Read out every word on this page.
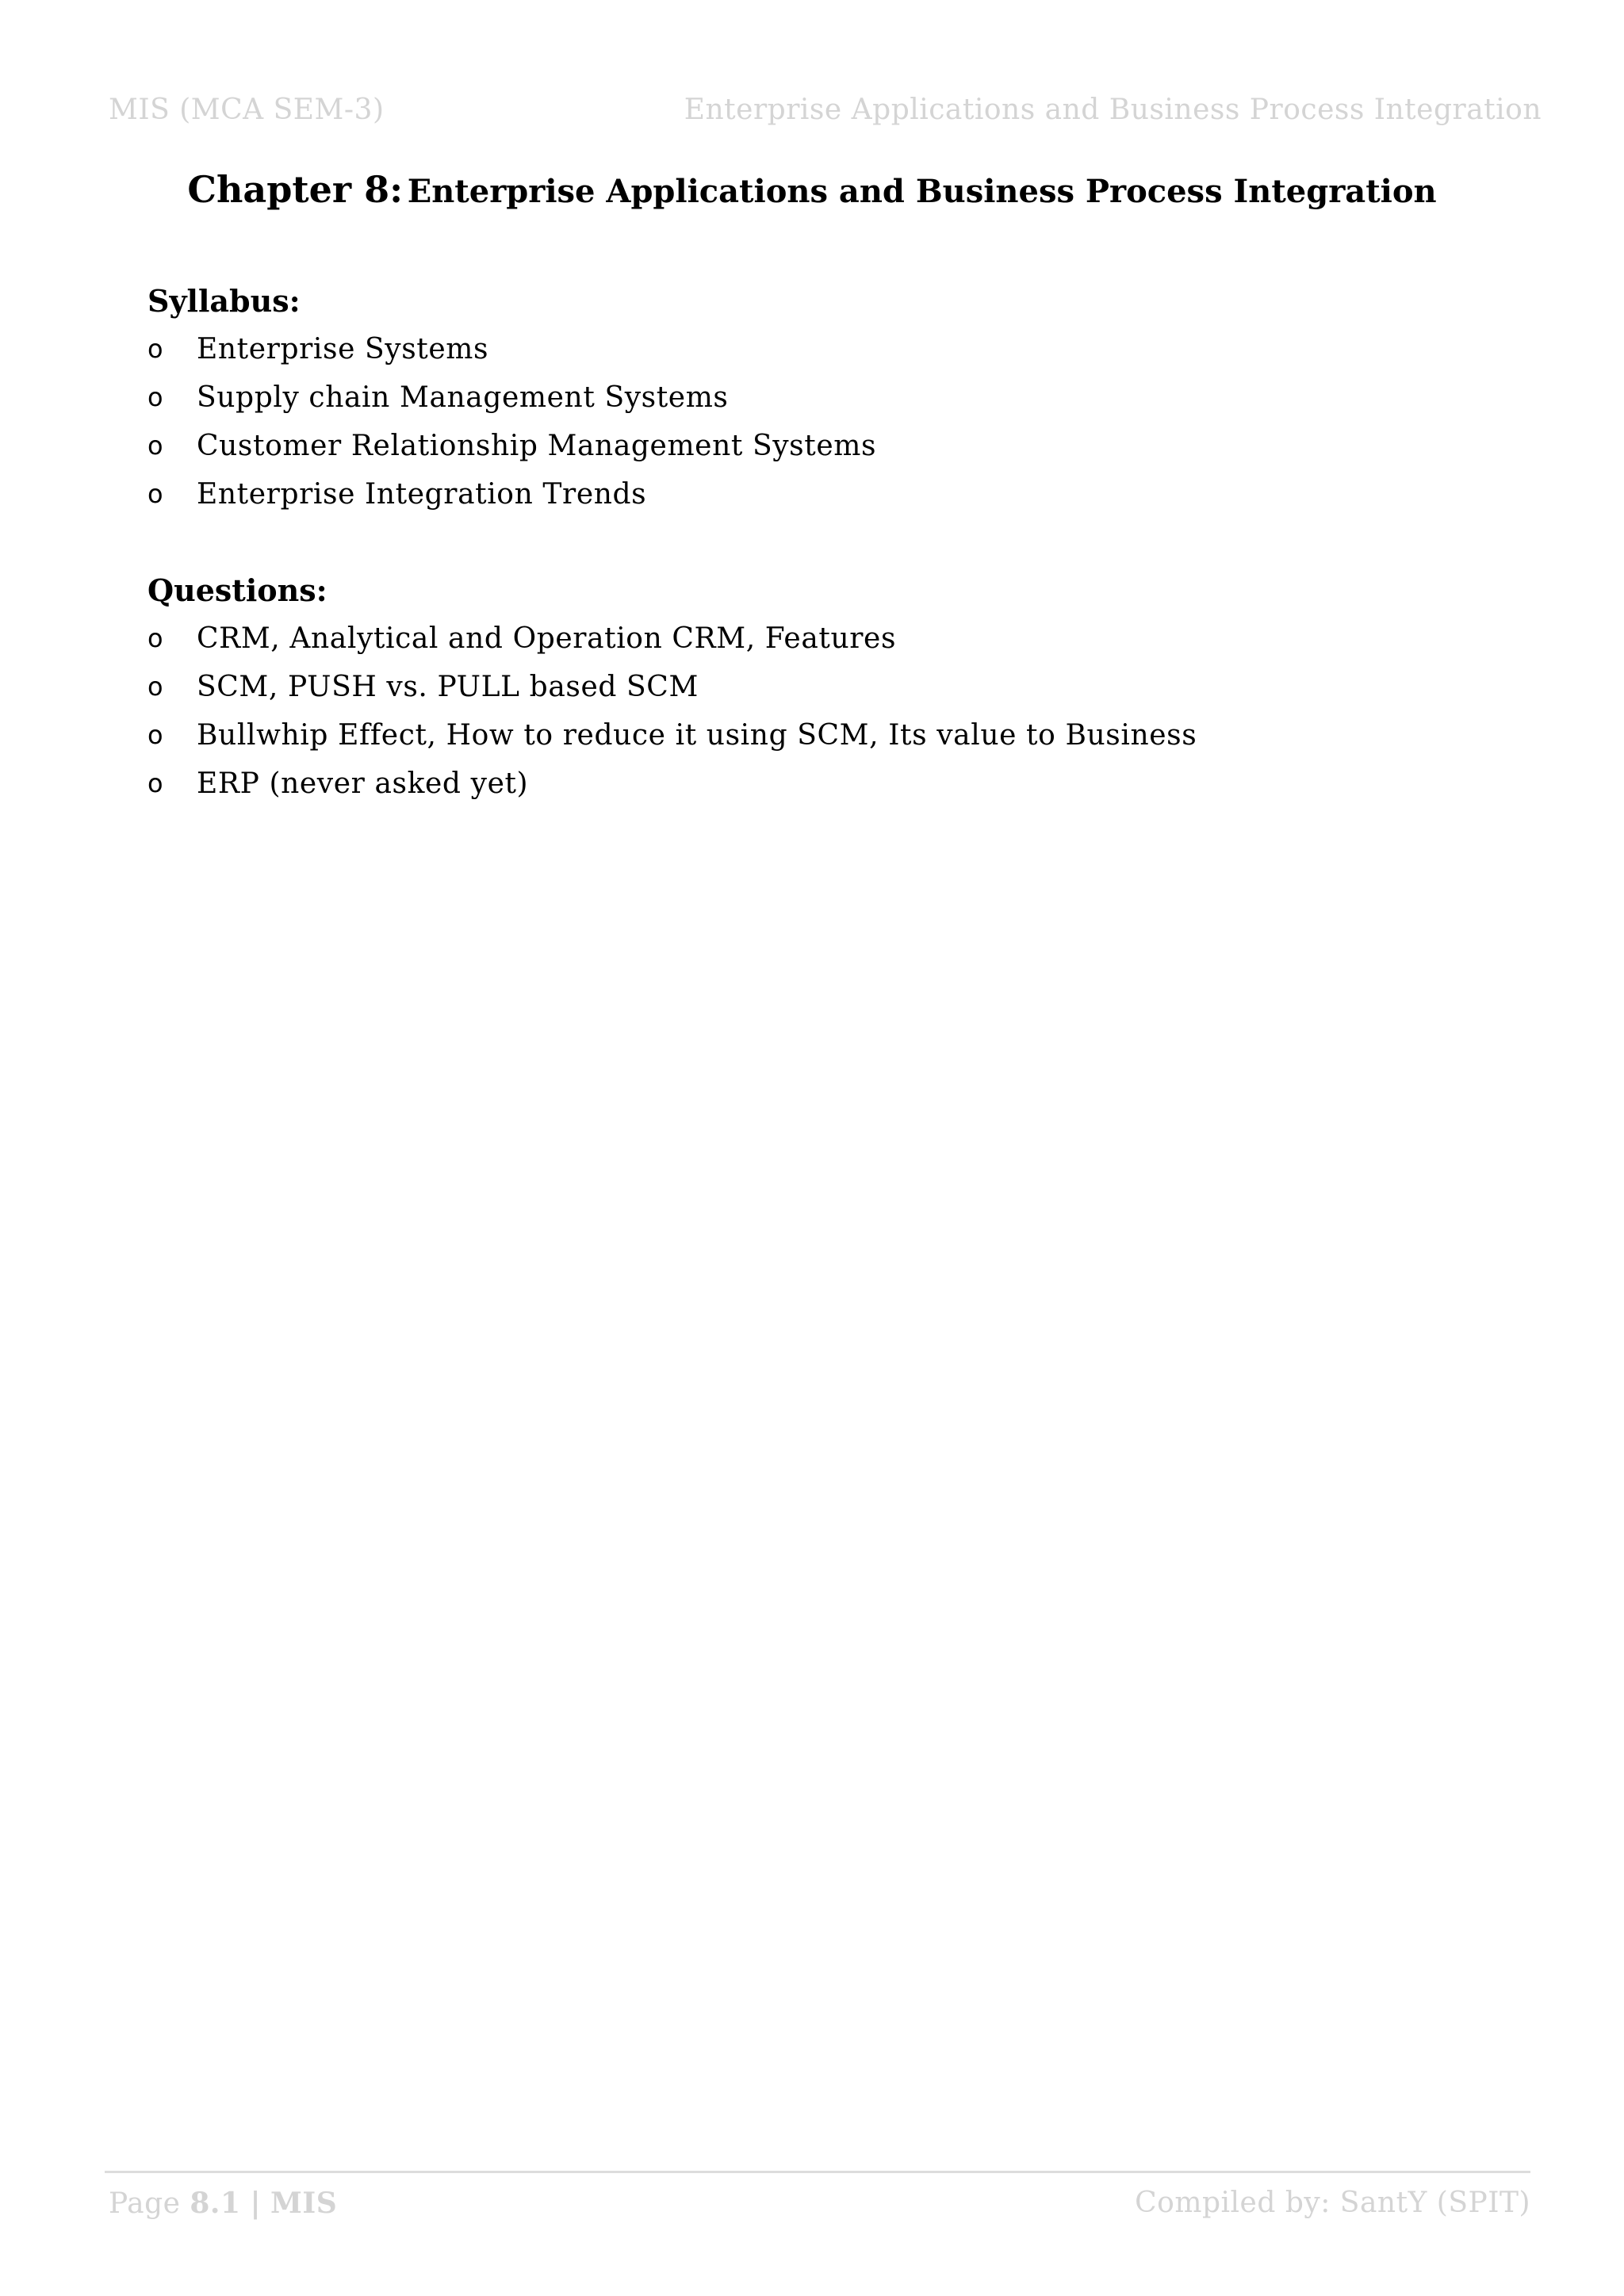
MIS (MCA SEM-3)	Enterprise Applications and Business Process Integration
Chapter 8: Enterprise Applications and Business Process Integration
Syllabus:
o Enterprise Systems
o Supply chain Management Systems
o Customer Relationship Management Systems
o Enterprise Integration Trends
Questions:
o CRM, Analytical and Operation CRM, Features
o SCM, PUSH vs. PULL based SCM
o Bullwhip Effect, How to reduce it using SCM, Its value to Business
o ERP (never asked yet)
Page 8.1 | MIS	Compiled by: SantY (SPIT)
